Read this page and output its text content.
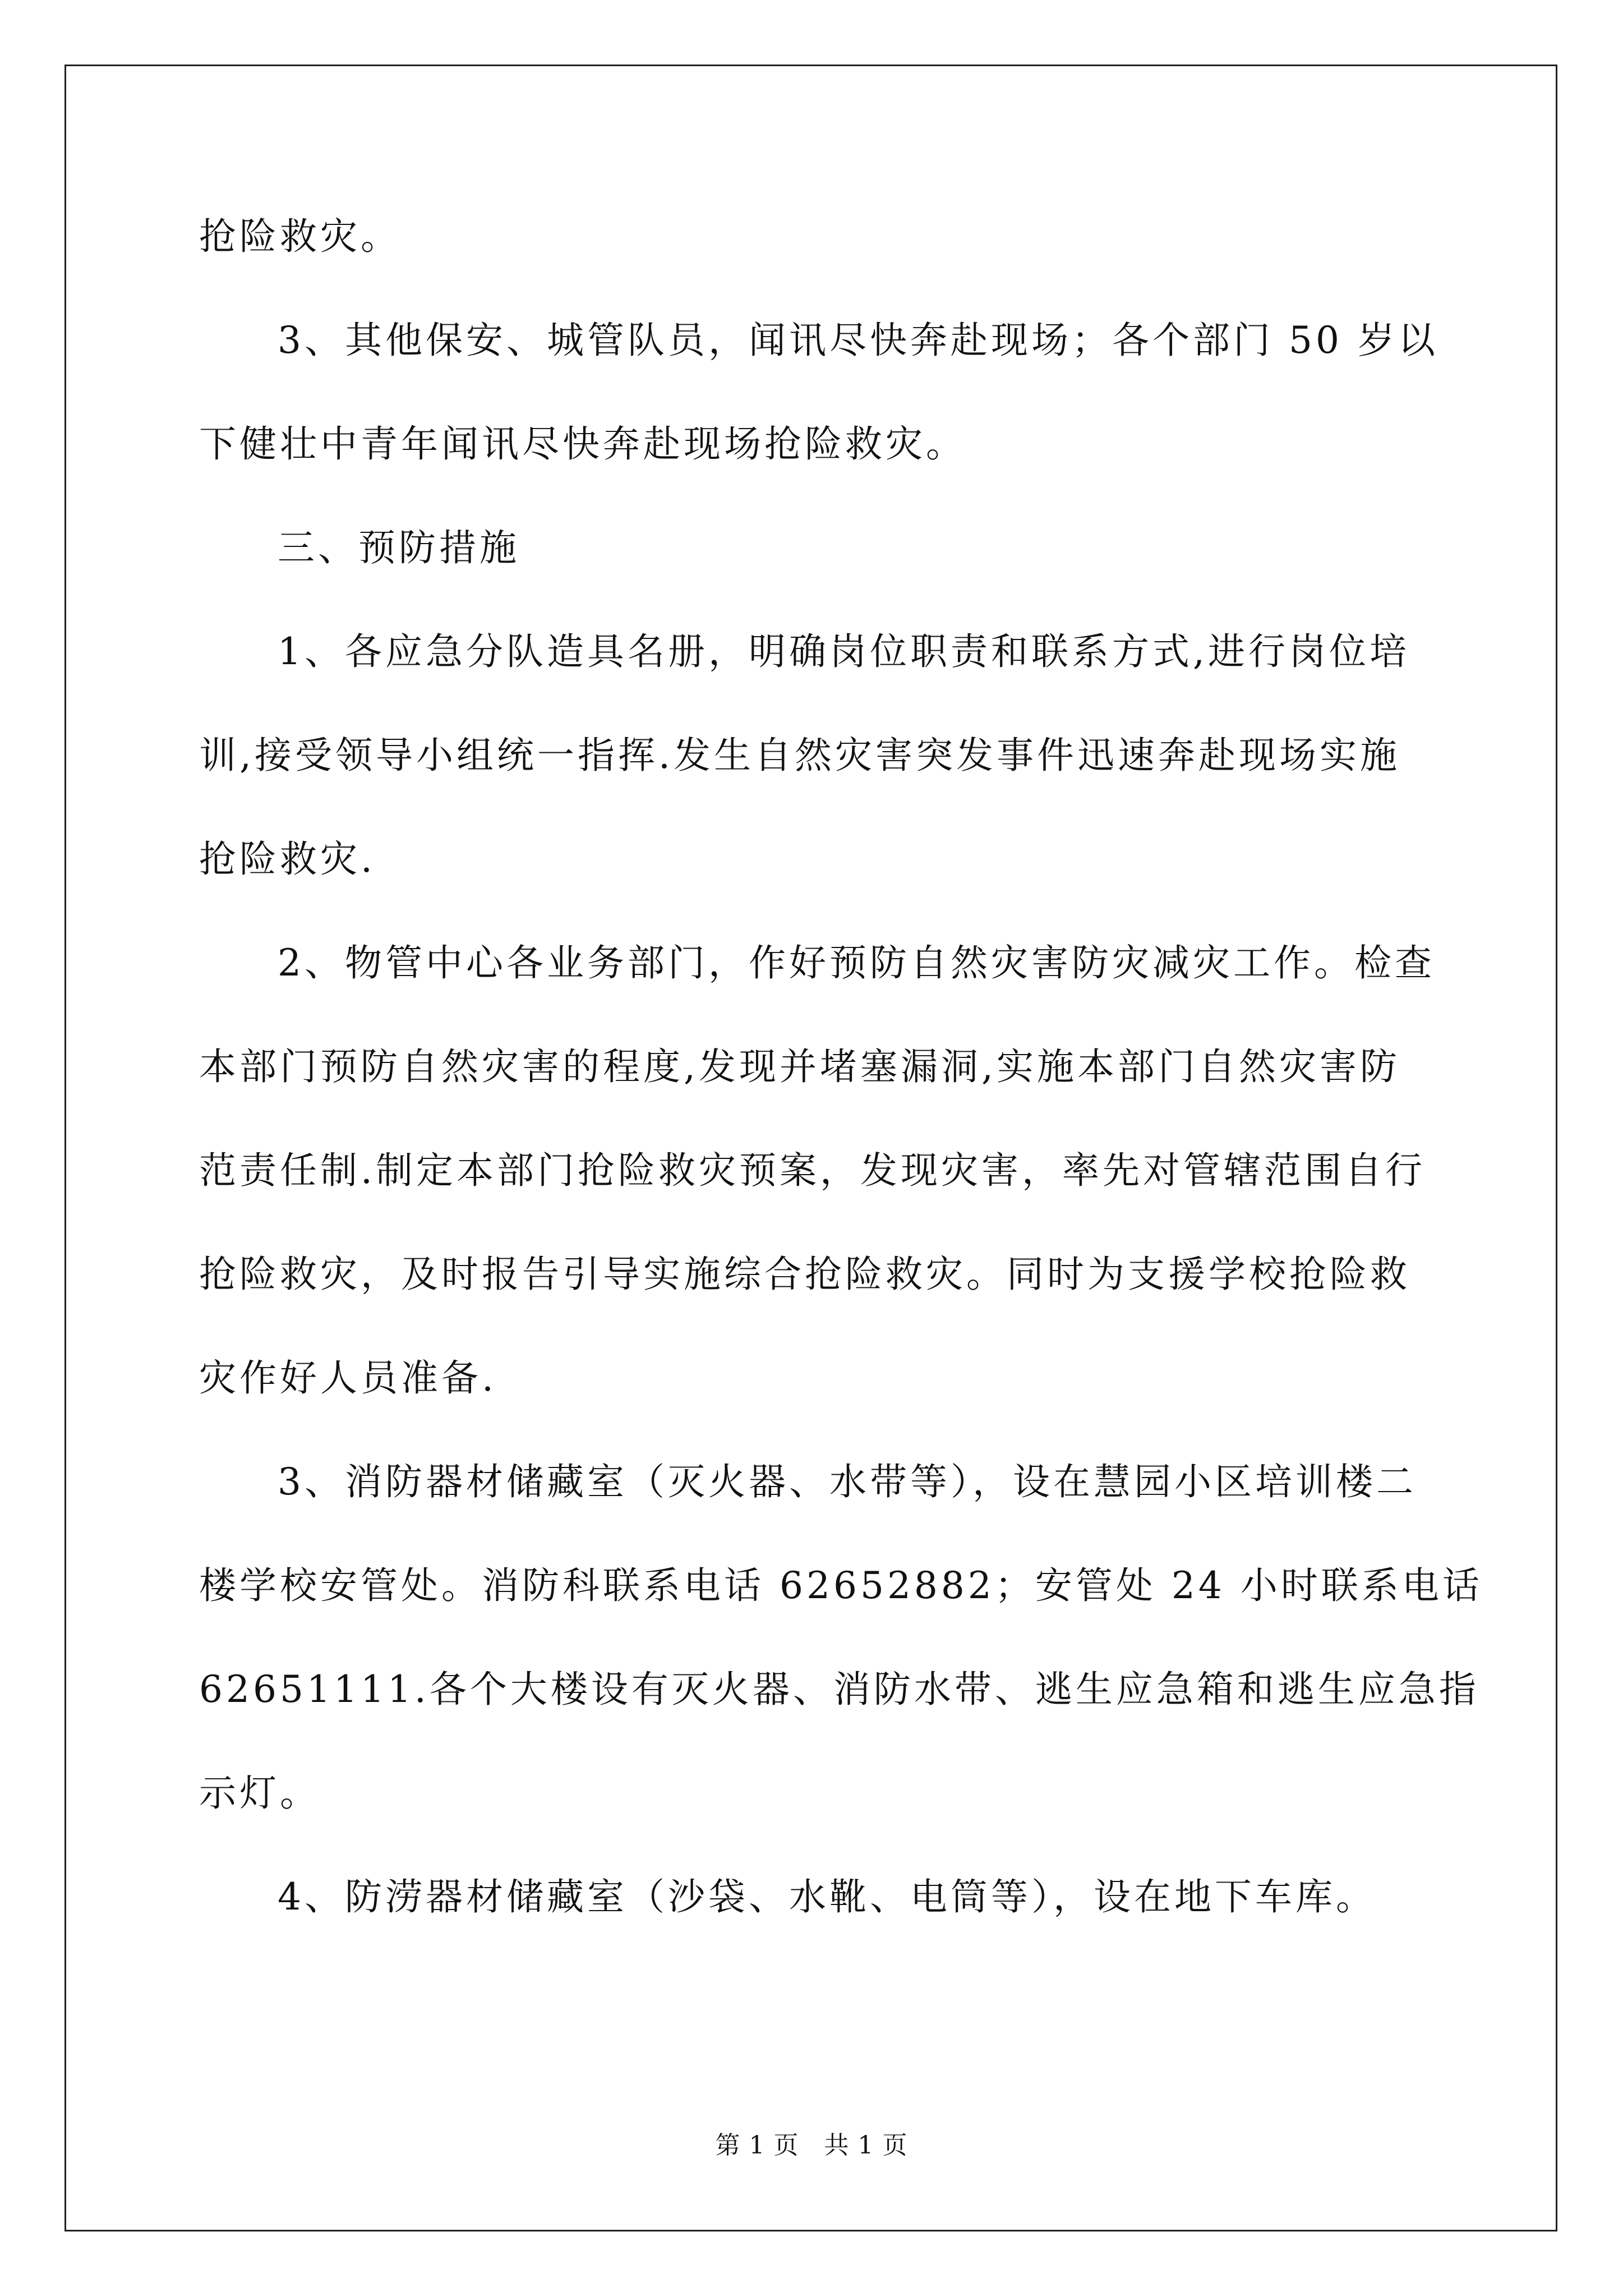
抢险救灾。
3、其他保安、城管队员，闻讯尽快奔赴现场；各个部门 50 岁以
下健壮中青年闻讯尽快奔赴现场抢险救灾。
三、预防措施
1、各应急分队造具名册，明确岗位职责和联系方式,进行岗位培
训,接受领导小组统一指挥.发生自然灾害突发事件迅速奔赴现场实施
抢险救灾.
2、物管中心各业务部门，作好预防自然灾害防灾减灾工作。检查
本部门预防自然灾害的程度,发现并堵塞漏洞,实施本部门自然灾害防
范责任制.制定本部门抢险救灾预案，发现灾害，率先对管辖范围自行
抢险救灾，及时报告引导实施综合抢险救灾。同时为支援学校抢险救
灾作好人员准备.
3、消防器材储藏室（灭火器、水带等），设在慧园小区培训楼二
楼学校安管处。消防科联系电话 62652882；安管处 24 小时联系电话
62651111.各个大楼设有灭火器、消防水带、逃生应急箱和逃生应急指
示灯。
4、防涝器材储藏室（沙袋、水靴、电筒等），设在地下车库。
第 1 页　共 1 页
